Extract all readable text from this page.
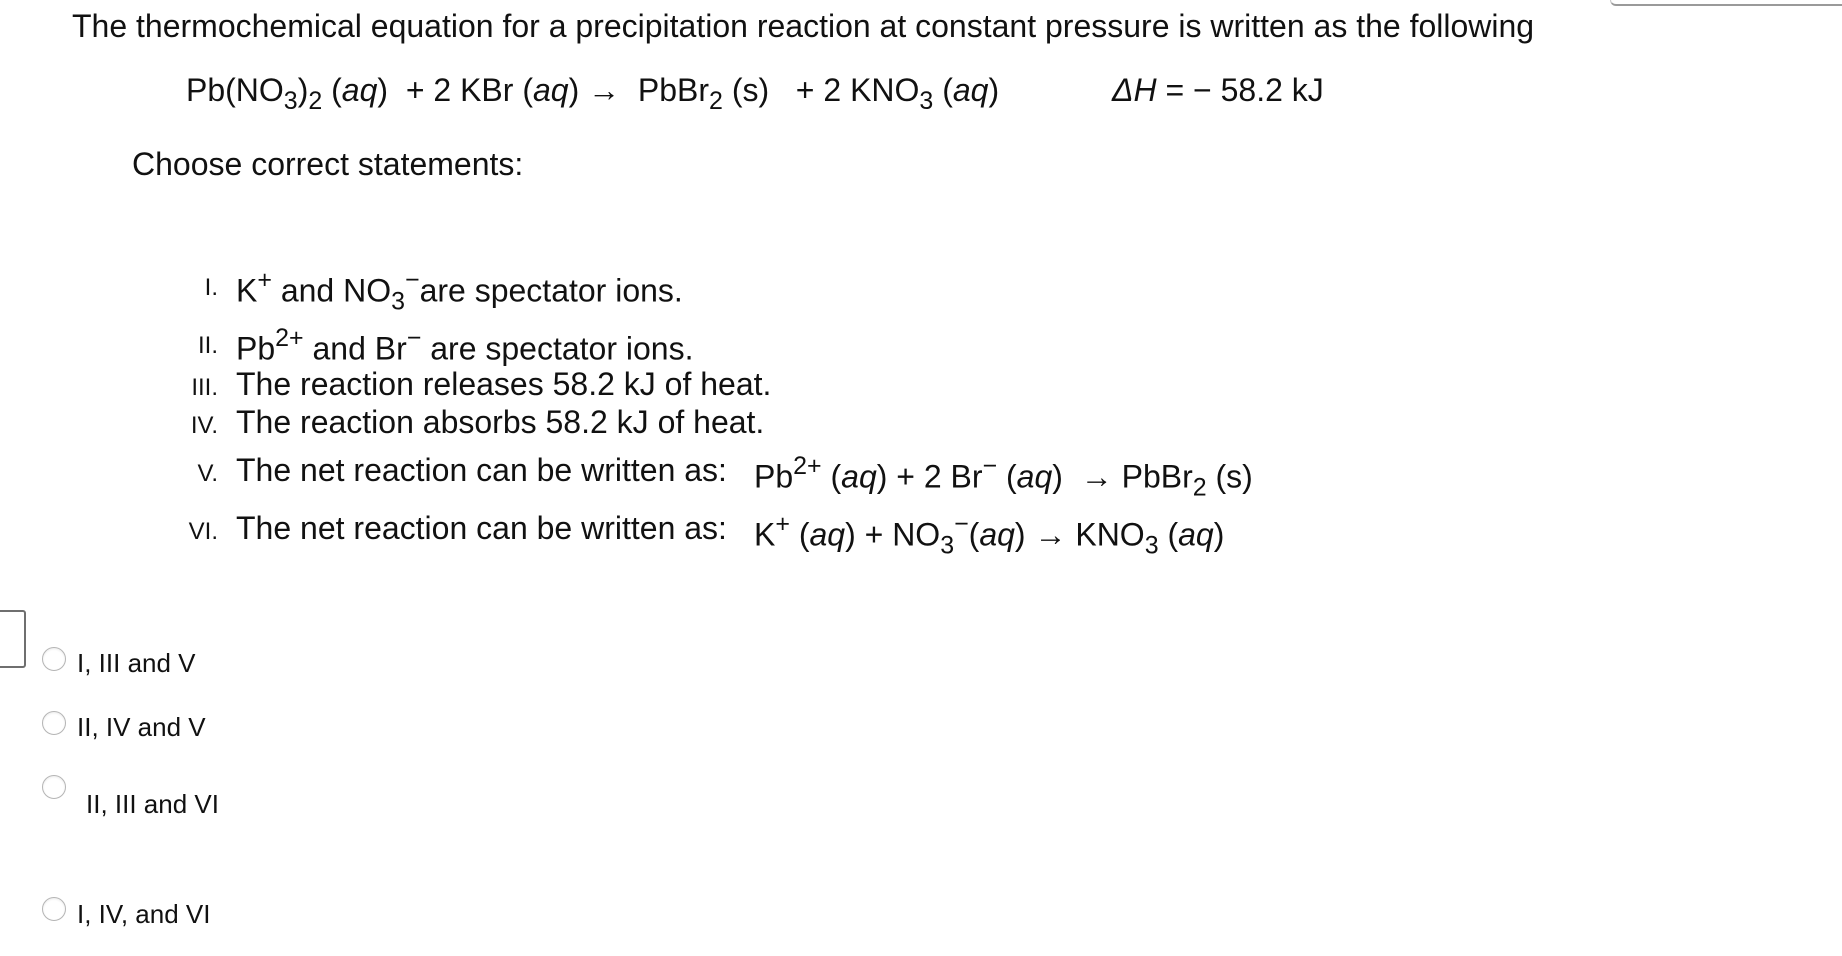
The thermochemical equation for a precipitation reaction at constant pressure is written as the following
$Pb(NO_3)_2$ (aq) + 2 KBr (aq) → PbBr$_2$ (s) + 2 $KNO_3$ (aq)	ΔH = − 58.2 kJ
Choose correct statements:
I. K+ and $NO_3^-are$ spectator ions.
II. $Pb^{2+}$ and Br− are spectator ions.
III. The reaction releases 58.2 kJ of heat.
IV. The reaction absorbs 58.2 kJ of heat.
V. The net reaction can be written as: $Pb^{2+}$ (aq) + 2 Br− (aq)  → PbBr$_2$ (s)
VI. The net reaction can be written as: K+ $(aq) + NO_3^-(aq) \to KNO_3$ (aq)
I, III and V
II, IV and V
II, III and VI
I, IV, and VI
